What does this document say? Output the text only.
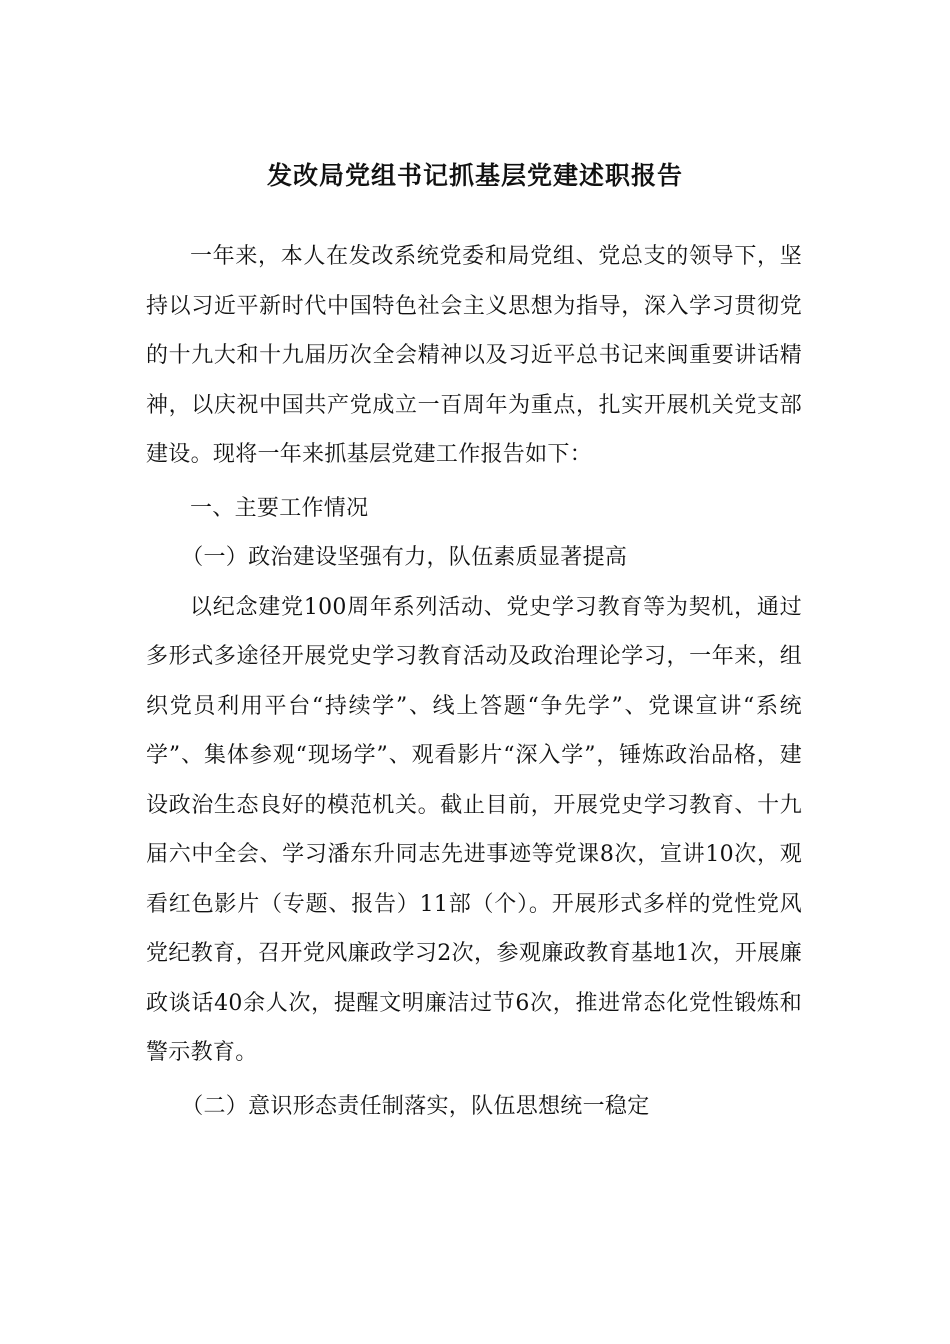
发改局党组书记抓基层党建述职报告

一年来，本人在发改系统党委和局党组、党总支的领导下，坚持以习近平新时代中国特色社会主义思想为指导，深入学习贯彻党的十九大和十九届历次全会精神以及习近平总书记来闽重要讲话精神，以庆祝中国共产党成立一百周年为重点，扎实开展机关党支部建设。现将一年来抓基层党建工作报告如下：

一、主要工作情况

（一）政治建设坚强有力，队伍素质显著提高

以纪念建党100周年系列活动、党史学习教育等为契机，通过多形式多途径开展党史学习教育活动及政治理论学习，一年来，组织党员利用平台“持续学”、线上答题“争先学”、党课宣讲“系统学”、集体参观“现场学”、观看影片“深入学”，锤炼政治品格，建设政治生态良好的模范机关。截止目前，开展党史学习教育、十九届六中全会、学习潘东升同志先进事迹等党课8次，宣讲10次，观看红色影片（专题、报告）11部（个）。开展形式多样的党性党风党纪教育，召开党风廉政学习2次，参观廉政教育基地1次，开展廉政谈话40余人次，提醒文明廉洁过节6次，推进常态化党性锻炼和警示教育。

（二）意识形态责任制落实，队伍思想统一稳定
